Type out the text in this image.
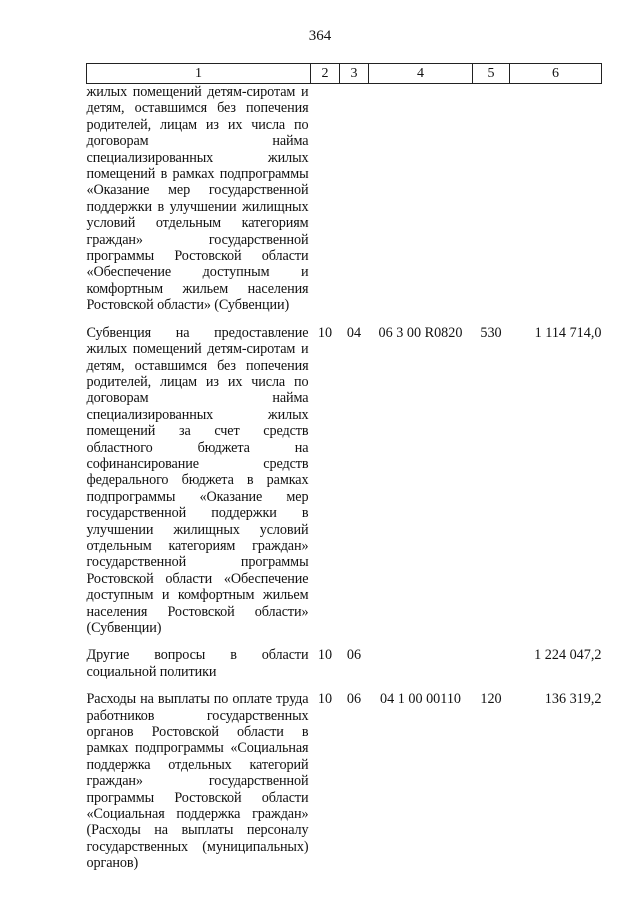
364
1	2	3	4	5	6
жилых помещений детям-сиротам и детям, оставшимся без попечения родителей, лицам из их числа по договорам найма специализированных жилых помещений в рамках подпрограммы «Оказание мер государственной поддержки в улучшении жилищных условий отдельным категориям граждан» государственной программы Ростовской области «Обеспечение доступным и комфортным жильем населения Ростовской области» (Субвенции)					
Субвенция на предоставление жилых помещений детям-сиротам и детям, оставшимся без попечения родителей, лицам из их числа по договорам найма специализированных жилых помещений за счет средств областного бюджета на софинансирование средств федерального бюджета в рамках подпрограммы «Оказание мер государственной поддержки в улучшении жилищных условий отдельным категориям граждан» государственной программы Ростовской области «Обеспечение доступным и комфортным жильем населения Ростовской области» (Субвенции)	10	04	06 3 00 R0820	530	1 114 714,0
Другие вопросы в области социальной политики	10	06			1 224 047,2
Расходы на выплаты по оплате труда работников государственных органов Ростовской области в рамках подпрограммы «Социальная поддержка отдельных категорий граждан» государственной программы Ростовской области «Социальная поддержка граждан» (Расходы на выплаты персоналу государственных (муниципальных) органов)	10	06	04 1 00 00110	120	136 319,2
